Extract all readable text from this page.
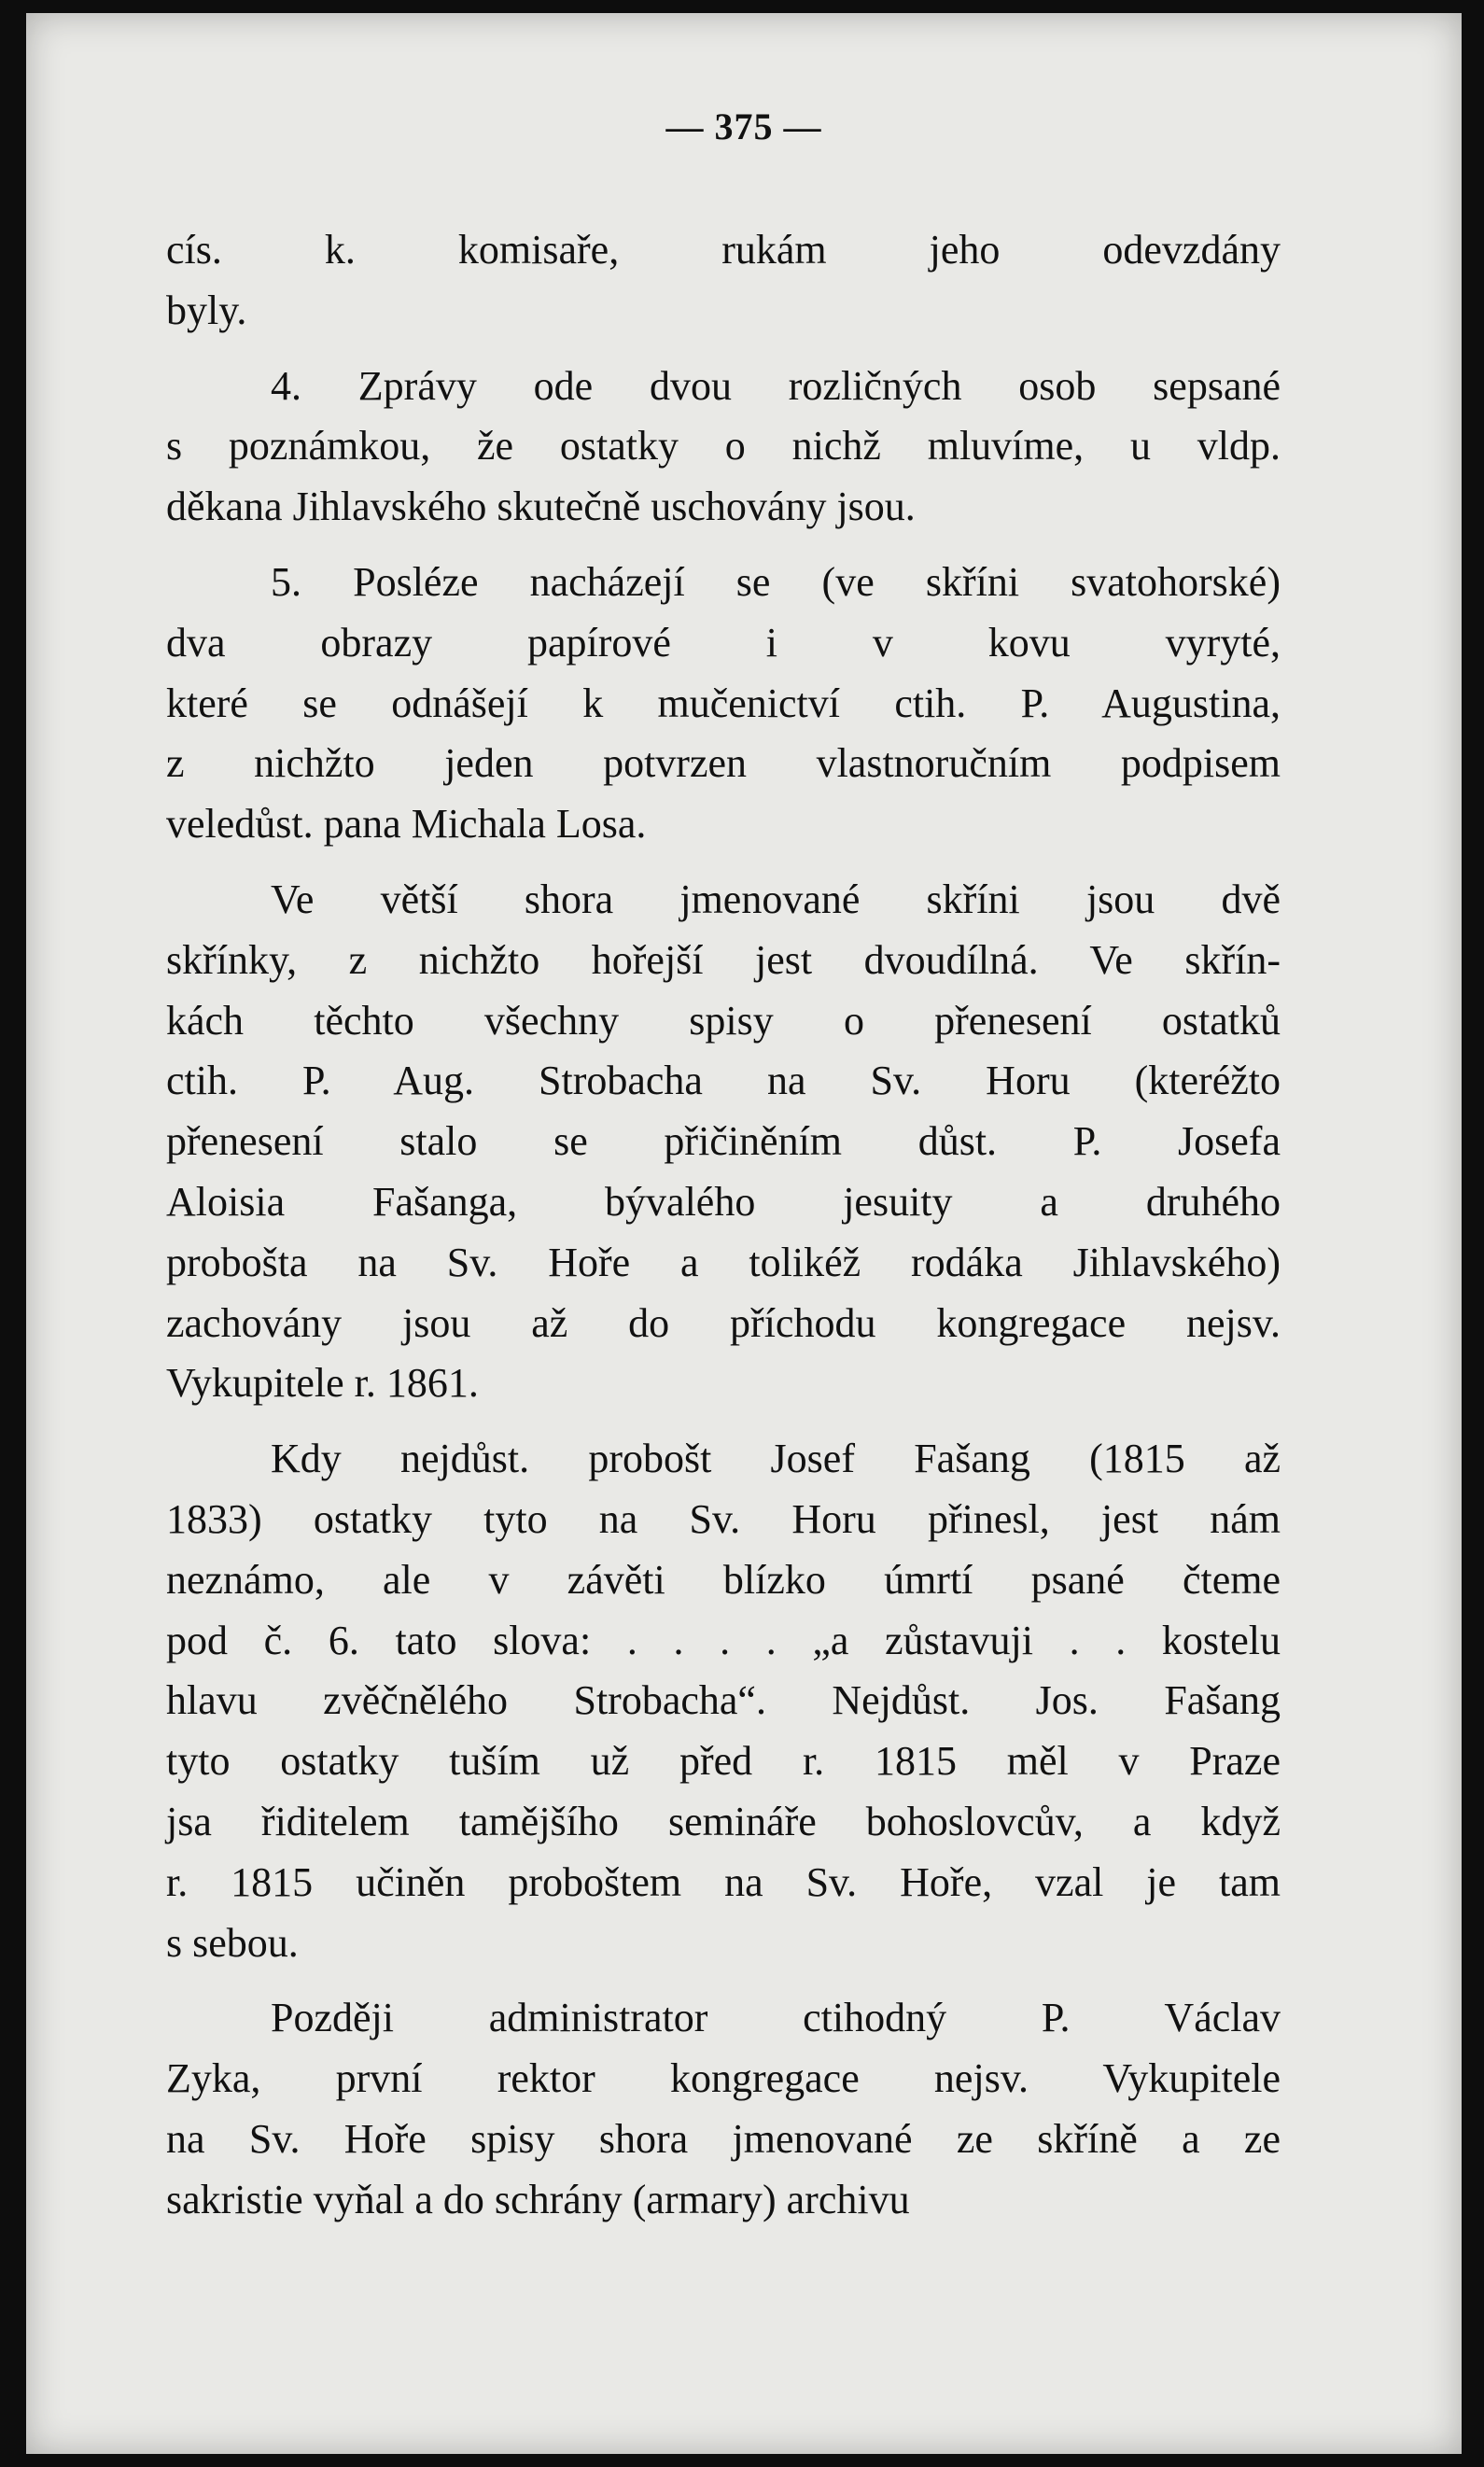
— 375 —
cís. k. komisaře, rukám jeho odevzdány
byly.
4. Zprávy ode dvou rozličných osob sepsané
s poznámkou, že ostatky o nichž mluvíme, u vldp.
děkana Jihlavského skutečně uschovány jsou.
5. Posléze nacházejí se (ve skříni svatohorské)
dva obrazy papírové i v kovu vyryté,
které se odnášejí k mučenictví ctih. P. Augustina,
z nichžto jeden potvrzen vlastnoručním podpisem
veledůst. pana Michala Losa.
Ve větší shora jmenované skříni jsou dvě
skřínky, z nichžto hořejší jest dvoudílná. Ve skřín-
kách těchto všechny spisy o přenesení ostatků
ctih. P. Aug. Strobacha na Sv. Horu (kteréžto
přenesení stalo se přičiněním důst. P. Josefa
Aloisia Fašanga, bývalého jesuity a druhého
probošta na Sv. Hoře a tolikéž rodáka Jihlavského)
zachovány jsou až do příchodu kongregace nejsv.
Vykupitele r. 1861.
Kdy nejdůst. probošt Josef Fašang (1815 až
1833) ostatky tyto na Sv. Horu přinesl, jest nám
neznámo, ale v závěti blízko úmrtí psané čteme
pod č. 6. tato slova: . . . . „a zůstavuji . . kostelu
hlavu zvěčnělého Strobacha“. Nejdůst. Jos. Fašang
tyto ostatky tuším už před r. 1815 měl v Praze
jsa řiditelem tamějšího semináře bohoslovcův, a když
r. 1815 učiněn proboštem na Sv. Hoře, vzal je tam
s sebou.
Později administrator ctihodný P. Václav
Zyka, první rektor kongregace nejsv. Vykupitele
na Sv. Hoře spisy shora jmenované ze skříně a ze
sakristie vyňal a do schrány (armary) archivu
